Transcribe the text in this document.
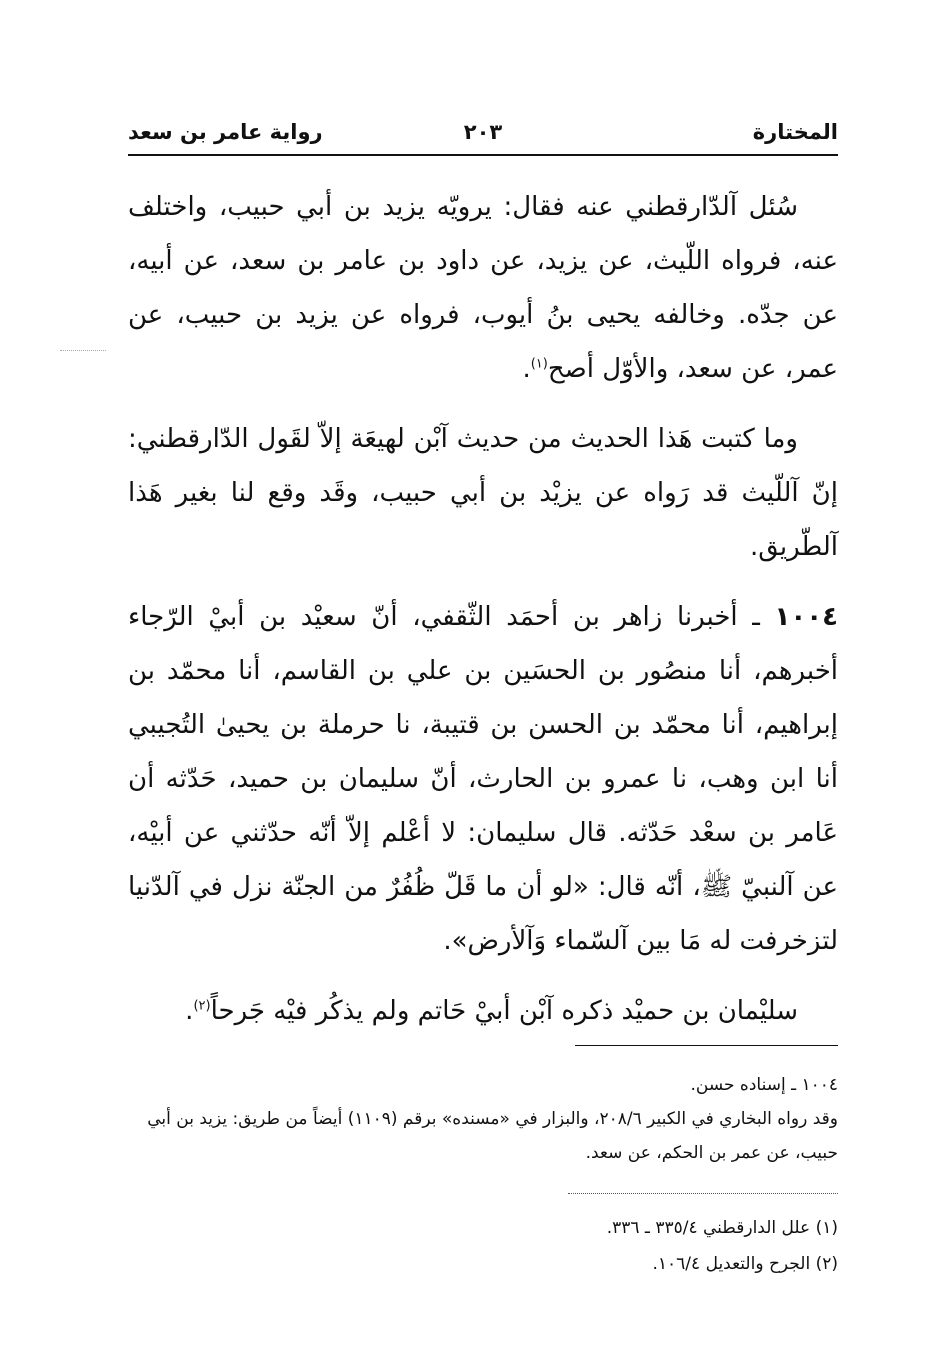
المختارة
٢٠٣
رواية عامر بن سعد

سُئل آلدّارقطني عنه فقال: يرويّه يزيد بن أبي حبيب، واختلف عنه، فرواه اللّيث، عن يزيد، عن داود بن عامر بن سعد، عن أبيه، عن جدّه. وخالفه يحيى بنُ أيوب، فرواه عن يزيد بن حبيب، عن عمر، عن سعد، والأوّل أصح$^{(١)}$.

وما كتبت هَذا الحديث من حديث آبْن لهيعَة إلاّ لقَول الدّارقطني: إنّ آللّيث قد رَواه عن يزيْد بن أبي حبيب، وقَد وقع لنا بغير هَذا آلطّريق.

١٠٠٤ ـ أخبرنا زاهر بن أحمَد الثّقفي، أنّ سعيْد بن أبيْ الرّجاء أخبرهم، أنا منصُور بن الحسَين بن علي بن القاسم، أنا محمّد بن إبراهيم، أنا محمّد بن الحسن بن قتيبة، نا حرملة بن يحيىٰ التُجيبي أنا ابن وهب، نا عمرو بن الحارث، أنّ سليمان بن حميد، حَدّثه أن عَامر بن سعْد حَدّثه. قال سليمان: لا أعْلم إلاّ أنّه حدّثني عن أبيْه، عن آلنبيّ ﷺ، أنّه قال: «لو أن ما قَلّ ظُفُرٌ من الجنّة نزل في آلدّنيا لتزخرفت له مَا بين آلسّماء وَآلأرض».

سليْمان بن حميْد ذكره آبْن أبيْ حَاتم ولم يذكُر فيْه جَرحاً$^{(٢)}$.

١٠٠٤ ـ إسناده حسن.

وقد رواه البخاري في الكبير ٢٠٨/٦، والبزار في «مسنده» برقم (١١٠٩) أيضاً من طريق: يزيد بن أبي حبيب، عن عمر بن الحكم، عن سعد.

(١) علل الدارقطني ٣٣٥/٤ ـ ٣٣٦.

(٢) الجرح والتعديل ١٠٦/٤.
